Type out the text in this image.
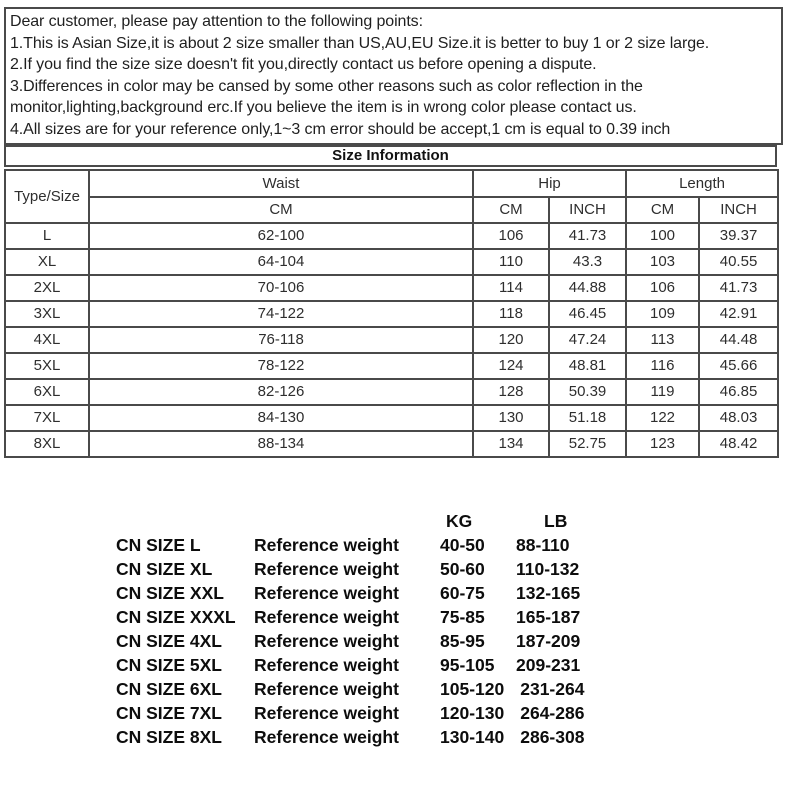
Dear customer, please pay attention to the following points:
1.This is Asian Size,it is about 2 size smaller than US,AU,EU Size.it is better to buy 1 or 2 size large.
2.If you find the size size doesn't fit you,directly contact us before opening a dispute.
3.Differences in color may be cansed by some other reasons such as color reflection in the
monitor,lighting,background erc.If you believe the item is in wrong color please contact us.
4.All sizes are for your reference only,1~3 cm error should be accept,1 cm is equal to 0.39 inch
Size Information
Type/Size	Waist	Hip		Length	
	CM	CM	INCH	CM	INCH
L	62-100	106	41.73	100	39.37
XL	64-104	110	43.3	103	40.55
2XL	70-106	114	44.88	106	41.73
3XL	74-122	118	46.45	109	42.91
4XL	76-118	120	47.24	113	44.48
5XL	78-122	124	48.81	116	45.66
6XL	82-126	128	50.39	119	46.85
7XL	84-130	130	51.18	122	48.03
8XL	88-134	134	52.75	123	48.42
KG	LB
CN SIZE L	Reference weight	40-50	88-110
CN SIZE XL	Reference weight	50-60	110-132
CN SIZE XXL	Reference weight	60-75	132-165
CN SIZE XXXL Reference weight	75-85	165-187
CN SIZE 4XL	Reference weight	85-95	187-209
CN SIZE 5XL	Reference weight	95-105	209-231
CN SIZE 6XL	Reference weight	105-120 231-264
CN SIZE 7XL	Reference weight	120-130 264-286
CN SIZE 8XL	Reference weight	130-140 286-308
